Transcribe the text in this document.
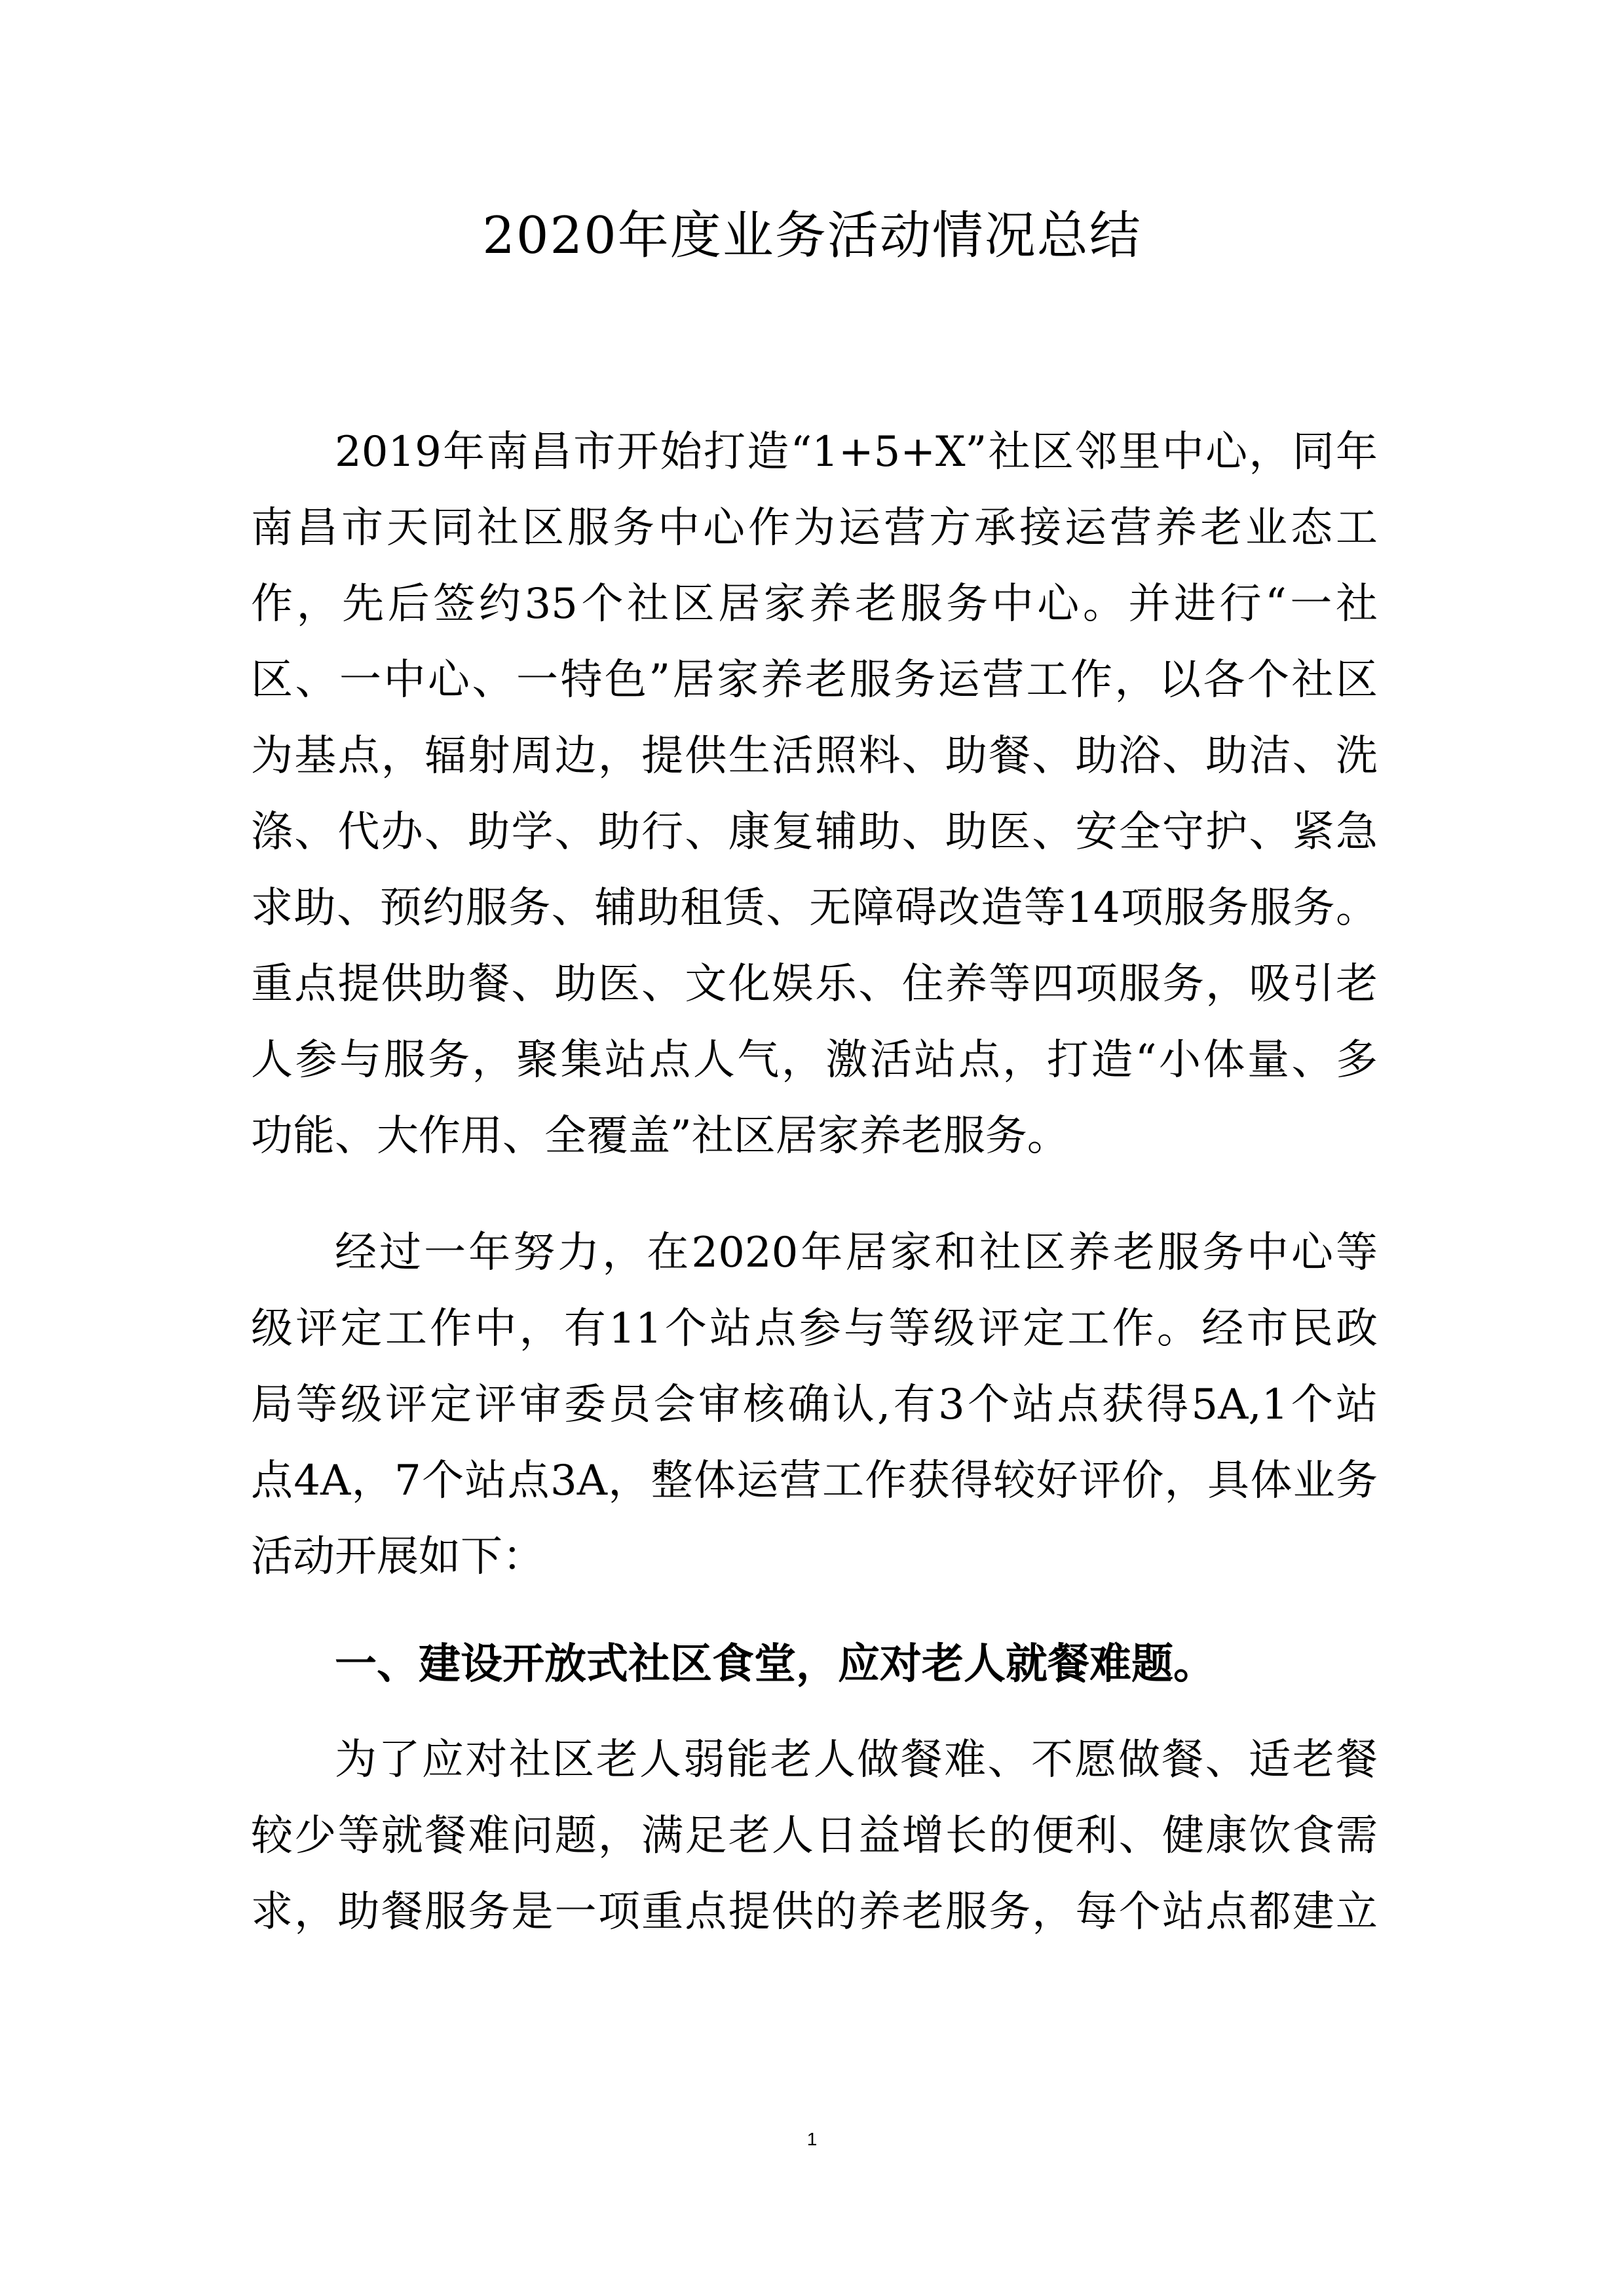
2020年度业务活动情况总结
2019年南昌市开始打造“1+5+X”社区邻里中心，同年
南昌市天同社区服务中心作为运营方承接运营养老业态工
作，先后签约35个社区居家养老服务中心。并进行“一社
区、一中心、一特色”居家养老服务运营工作，以各个社区
为基点，辐射周边，提供生活照料、助餐、助浴、助洁、洗
涤、代办、助学、助行、康复辅助、助医、安全守护、紧急
求助、预约服务、辅助租赁、无障碍改造等14项服务服务。
重点提供助餐、助医、文化娱乐、住养等四项服务，吸引老
人参与服务，聚集站点人气，激活站点，打造“小体量、多
功能、大作用、全覆盖”社区居家养老服务。
经过一年努力，在2020年居家和社区养老服务中心等
级评定工作中，有11个站点参与等级评定工作。经市民政
局等级评定评审委员会审核确认,有3个站点获得5A,1个站
点4A，7个站点3A，整体运营工作获得较好评价，具体业务
活动开展如下：
一、建设开放式社区食堂，应对老人就餐难题。
为了应对社区老人弱能老人做餐难、不愿做餐、适老餐
较少等就餐难问题，满足老人日益增长的便利、健康饮食需
求，助餐服务是一项重点提供的养老服务，每个站点都建立
1
